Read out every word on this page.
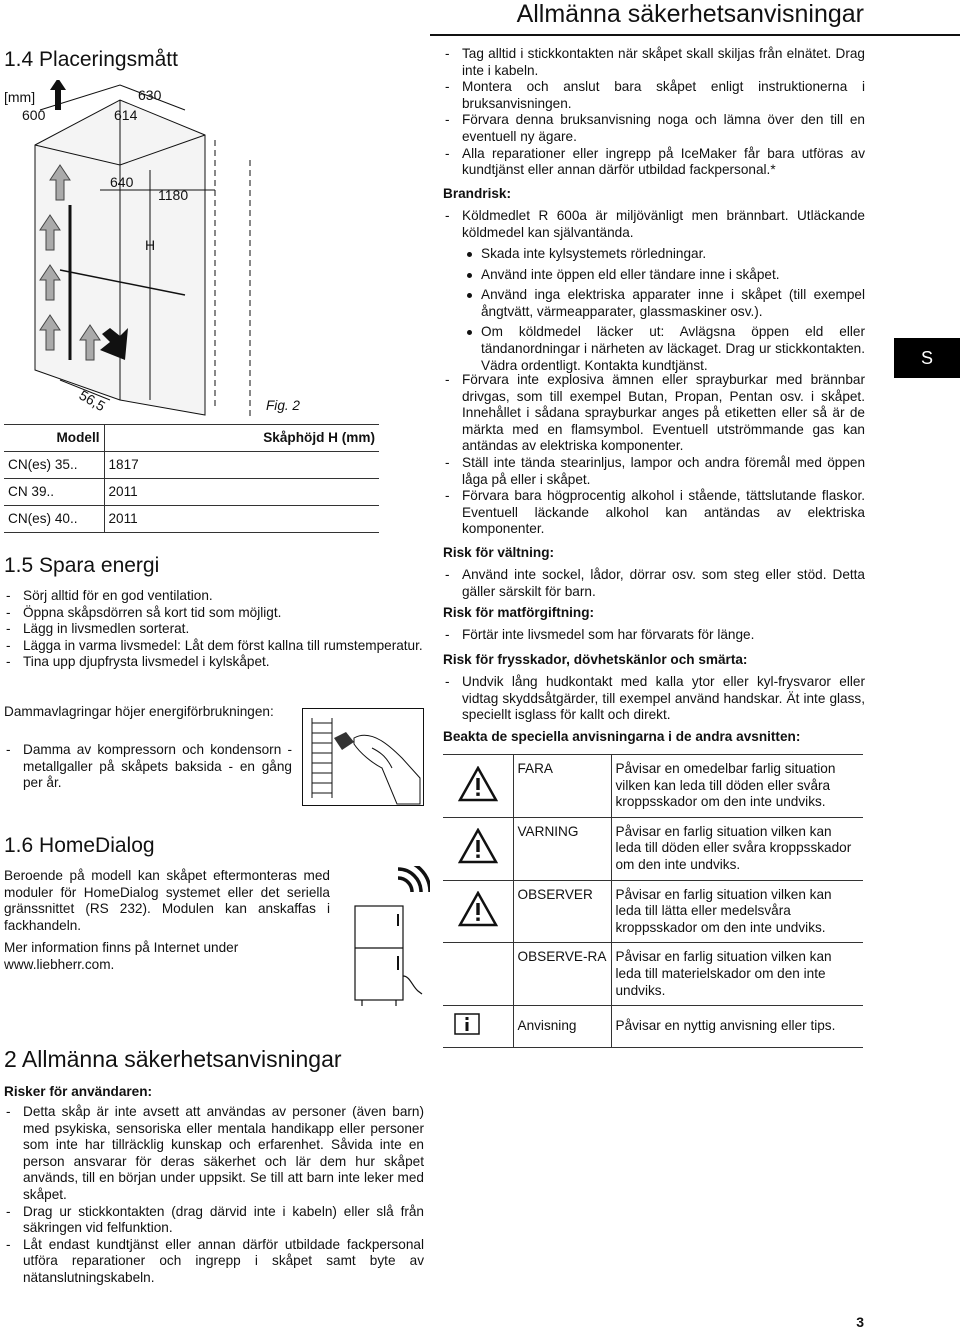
Allmänna säkerhetsanvisningar
1.4 Placeringsmått
[mm]
600	614
630
640
1180
H
56,5	Fig. 2
Modell	Skåphöjd H (mm)
CN(es) 35..	1817
CN 39..	2011
CN(es) 40..	2011
1.5 Spara energi
- Sörj alltid för en god ventilation.
- Öppna skåpsdörren så kort tid som möjligt.
- Lägg in livsmedlen sorterat.
- Lägga in varma livsmedel: Låt dem först kallna till rumstemperatur.
- Tina upp djupfrysta livsmedel i kylskåpet.
Dammavlagringar höjer energiförbrukningen:
- Damma av kompressorn och kondensorn - metallgaller på skåpets baksida - en gång per år.
1.6 HomeDialog
Beroende på modell kan skåpet eftermonteras med moduler för HomeDialog systemet eller det seriella gränssnittet (RS 232). Modulen kan anskaffas i fackhandeln.
Mer information finns på Internet under www.liebherr.com.
2 Allmänna säkerhetsanvisningar
Risker för användaren:
- Detta skåp är inte avsett att användas av personer (även barn) med psykiska, sensoriska eller mentala handikapp eller personer som inte har tillräcklig kunskap och erfarenhet. Såvida inte en person ansvarar för deras säkerhet och lär dem hur skåpet används, till en början under uppsikt. Se till att barn inte leker med skåpet.
- Drag ur stickkontakten (drag därvid inte i kabeln) eller slå från säkringen vid felfunktion.
- Låt endast kundtjänst eller annan därför utbildade fackpersonal utföra reparationer och ingrepp i skåpet samt byte av nätanslutningskabeln.
- Tag alltid i stickkontakten när skåpet skall skiljas från elnätet. Drag inte i kabeln.
- Montera och anslut bara skåpet enligt instruktionerna i bruksanvisningen.
- Förvara denna bruksanvisning noga och lämna över den till en eventuell ny ägare.
- Alla reparationer eller ingrepp på IceMaker får bara utföras av kundtjänst eller annan därför utbildad fackpersonal.*
Brandrisk:
- Köldmedlet R 600a är miljövänligt men brännbart. Utläckande köldmedel kan självantända.
Skada inte kylsystemets rörledningar.
Använd inte öppen eld eller tändare inne i skåpet.
Använd inga elektriska apparater inne i skåpet (till exempel ångtvätt, värmeapparater, glassmaskiner osv.).
Om köldmedel läcker ut: Avlägsna öppen eld eller tändanordningar i närheten av läckaget. Drag ur stickkontakten. Vädra ordentligt. Kontakta kundtjänst.
- Förvara inte explosiva ämnen eller sprayburkar med brännbar drivgas, som till exempel Butan, Propan, Pentan osv. i skåpet. Innehållet i sådana sprayburkar anges på etiketten eller så är de märkta med en flamsymbol. Eventuell utströmmande gas kan antändas av elektriska komponenter.
- Ställ inte tända stearinljus, lampor och andra föremål med öppen låga på eller i skåpet.
- Förvara bara högprocentig alkohol i stående, tättslutande flaskor. Eventuell läckande alkohol kan antändas av elektriska komponenter.
Risk för vältning:
- Använd inte sockel, lådor, dörrar osv. som steg eller stöd. Detta gäller särskilt för barn.
Risk för matförgiftning:
- Förtär inte livsmedel som har förvarats för länge.
Risk för frysskador, dövhetskänlor och smärta:
- Undvik lång hudkontakt med kalla ytor eller kyl-frysvaror eller vidtag skyddsåtgärder, till exempel använd handskar. Ät inte glass, speciellt isglass för kallt och direkt.
Beakta de speciella anvisningarna i de andra avsnitten:
	FARA	Påvisar en omedelbar farlig situation vilken kan leda till döden eller svåra kroppsskador om den inte undviks.
	VARNING	Påvisar en farlig situation vilken kan leda till döden eller svåra kroppsskador om den inte undviks.
	OBSERVER	Påvisar en farlig situation vilken kan leda till lätta eller medelsvåra kroppsskador om den inte undviks.
	OBSERVE-RA	Påvisar en farlig situation vilken kan leda till materielskador om den inte undviks.
	Anvisning	Påvisar en nyttig anvisning eller tips.
S
3
